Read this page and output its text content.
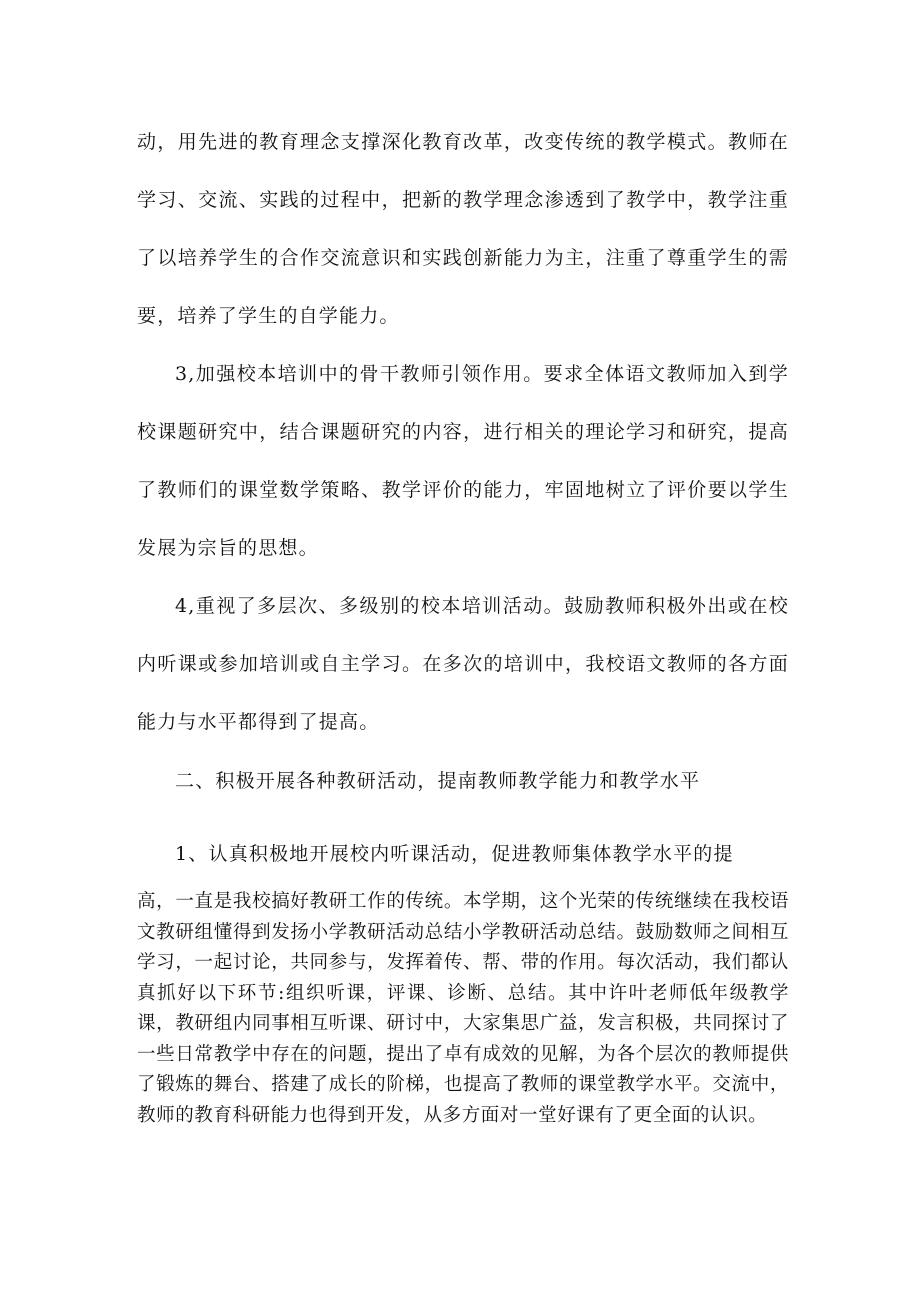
动，用先进的教育理念支撑深化教育改革，改变传统的教学模式。教师在学习、交流、实践的过程中，把新的教学理念渗透到了教学中，教学注重了以培养学生的合作交流意识和实践创新能力为主，注重了尊重学生的需要，培养了学生的自学能力。

3,加强校本培训中的骨干教师引领作用。要求全体语文教师加入到学校课题研究中，结合课题研究的内容，进行相关的理论学习和研究，提高了教师们的课堂数学策略、教学评价的能力，牢固地树立了评价要以学生发展为宗旨的思想。

4,重视了多层次、多级别的校本培训活动。鼓励教师积极外出或在校内听课或参加培训或自主学习。在多次的培训中，我校语文教师的各方面能力与水平都得到了提高。

二、积极开展各种教研活动，提南教师教学能力和教学水平

1、认真积极地开展校内听课活动，促进教师集体教学水平的提

高，一直是我校搞好教研工作的传统。本学期，这个光荣的传统继续在我校语文教研组懂得到发扬小学教研活动总结小学教研活动总结。鼓励数师之间相互学习，一起讨论，共同参与，发挥着传、帮、带的作用。每次活动，我们都认真抓好以下环节:组织听课，评课、诊断、总结。其中许叶老师低年级教学课，教研组内同事相互听课、研讨中，大家集思广益，发言积极，共同探讨了一些日常教学中存在的问题，提出了卓有成效的见解，为各个层次的教师提供了锻炼的舞台、搭建了成长的阶梯，也提高了教师的课堂教学水平。交流中，教师的教育科研能力也得到开发，从多方面对一堂好课有了更全面的认识。
